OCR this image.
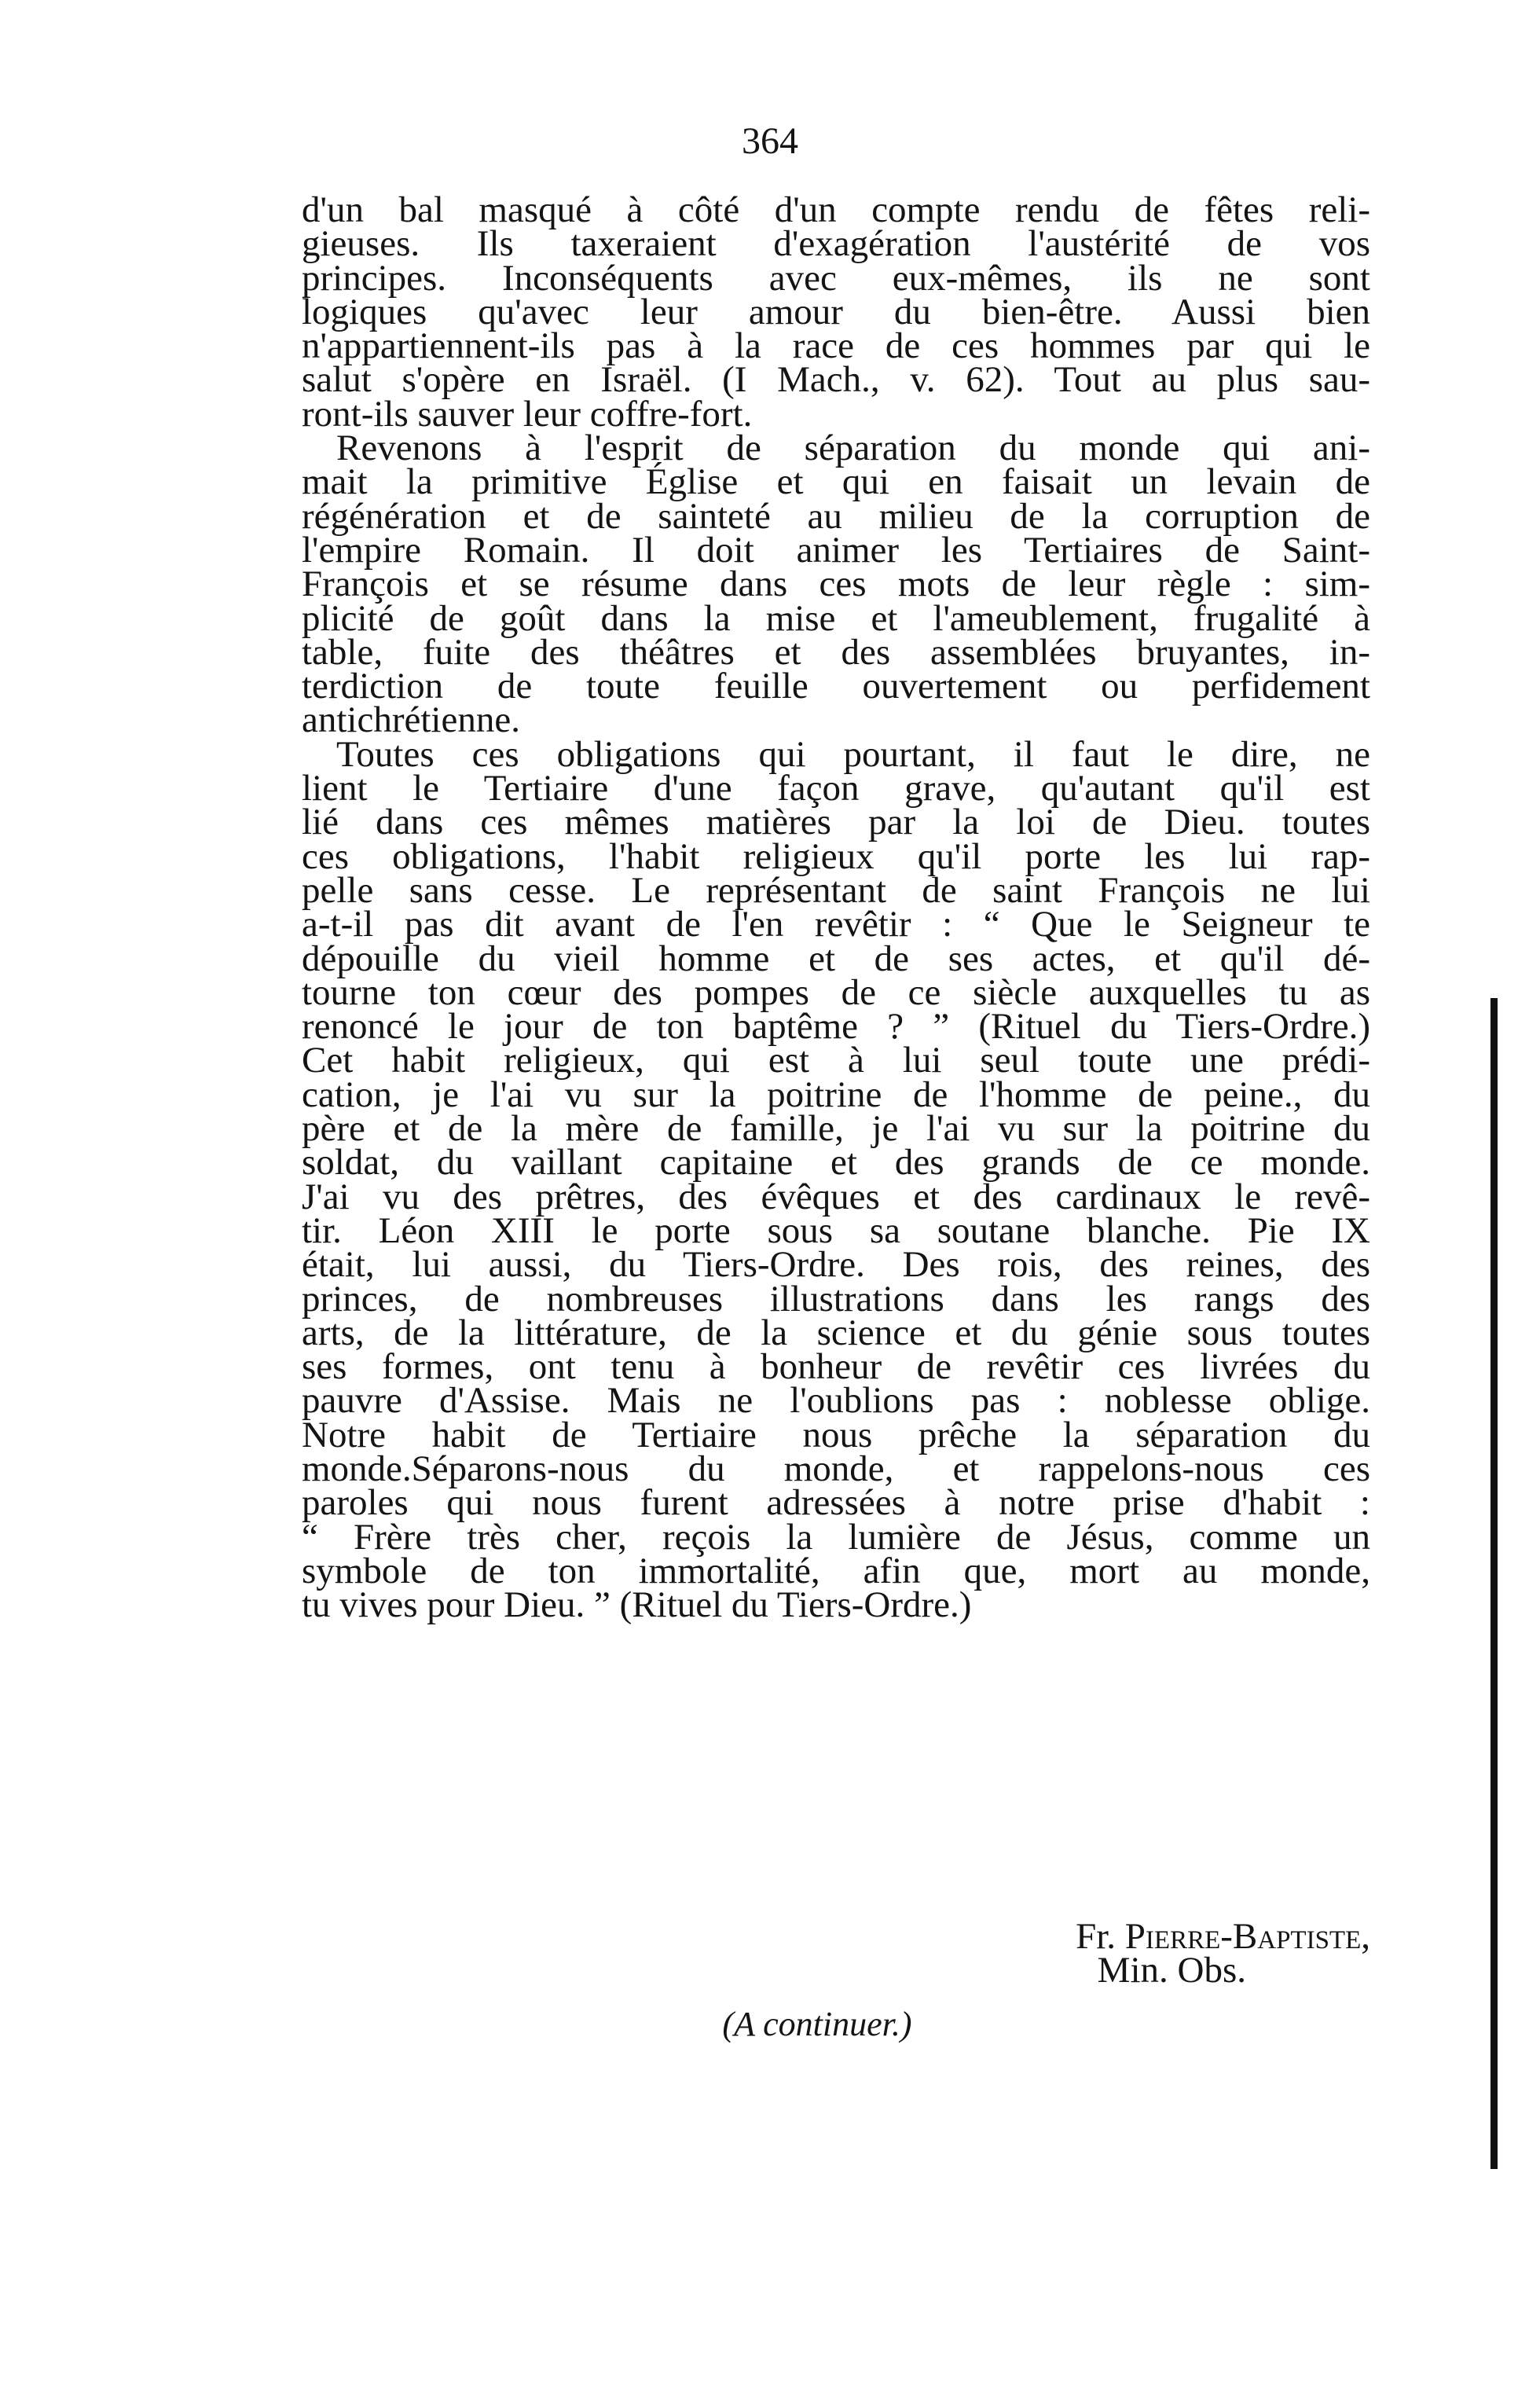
364
d'un bal masqué à côté d'un compte rendu de fêtes reli-
gieuses. Ils taxeraient d'exagération l'austérité de vos
principes. Inconséquents avec eux-mêmes, ils ne sont
logiques qu'avec leur amour du bien-être. Aussi bien
n'appartiennent-ils pas à la race de ces hommes par qui le
salut s'opère en Israël. (I Mach., v. 62). Tout au plus sau-
ront-ils sauver leur coffre-fort.
Revenons à l'esprit de séparation du monde qui ani-
mait la primitive Église et qui en faisait un levain de
régénération et de sainteté au milieu de la corruption de
l'empire Romain. Il doit animer les Tertiaires de Saint-
François et se résume dans ces mots de leur règle : sim-
plicité de goût dans la mise et l'ameublement, frugalité à
table, fuite des théâtres et des assemblées bruyantes, in-
terdiction de toute feuille ouvertement ou perfidement
antichrétienne.
Toutes ces obligations qui pourtant, il faut le dire, ne
lient le Tertiaire d'une façon grave, qu'autant qu'il est
lié dans ces mêmes matières par la loi de Dieu. toutes
ces obligations, l'habit religieux qu'il porte les lui rap-
pelle sans cesse. Le représentant de saint François ne lui
a-t-il pas dit avant de l'en revêtir : “ Que le Seigneur te
dépouille du vieil homme et de ses actes, et qu'il dé-
tourne ton cœur des pompes de ce siècle auxquelles tu as
renoncé le jour de ton baptême ? ” (Rituel du Tiers-Ordre.)
Cet habit religieux, qui est à lui seul toute une prédi-
cation, je l'ai vu sur la poitrine de l'homme de peine., du
père et de la mère de famille, je l'ai vu sur la poitrine du
soldat, du vaillant capitaine et des grands de ce monde.
J'ai vu des prêtres, des évêques et des cardinaux le revê-
tir. Léon XIII le porte sous sa soutane blanche. Pie IX
était, lui aussi, du Tiers-Ordre. Des rois, des reines, des
princes, de nombreuses illustrations dans les rangs des
arts, de la littérature, de la science et du génie sous toutes
ses formes, ont tenu à bonheur de revêtir ces livrées du
pauvre d'Assise. Mais ne l'oublions pas : noblesse oblige.
Notre habit de Tertiaire nous prêche la séparation du
monde.Séparons-nous du monde, et rappelons-nous ces
paroles qui nous furent adressées à notre prise d'habit :
“ Frère très cher, reçois la lumière de Jésus, comme un
symbole de ton immortalité, afin que, mort au monde,
tu vives pour Dieu. ” (Rituel du Tiers-Ordre.)
Fr. Pierre-Baptiste,
Min. Obs.
(A continuer.)
